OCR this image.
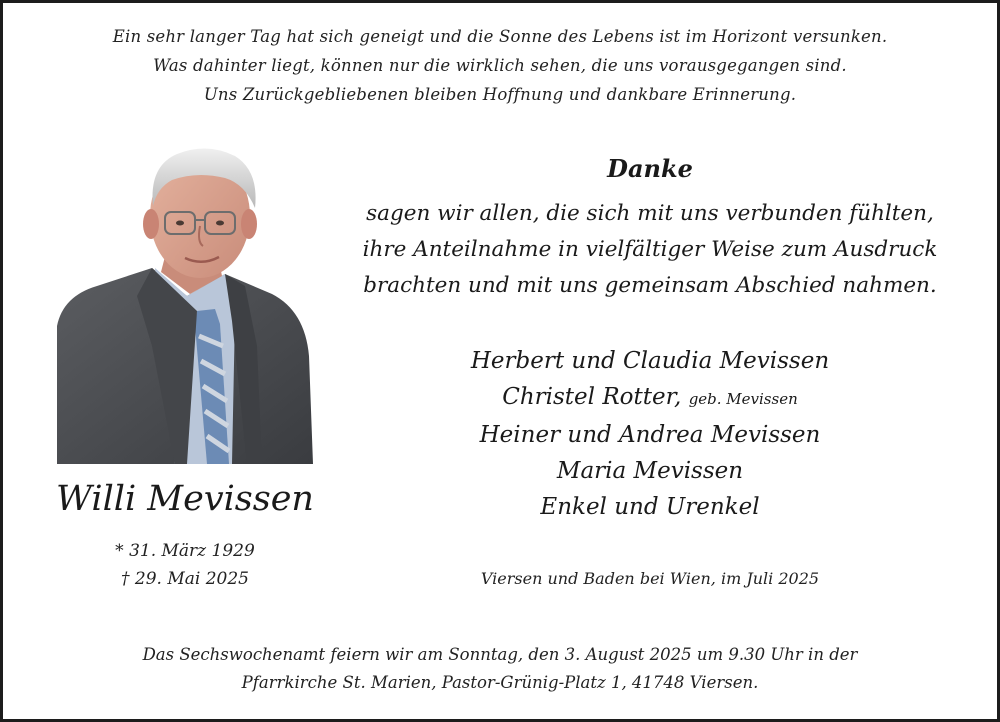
Ein sehr langer Tag hat sich geneigt und die Sonne des Lebens ist im Horizont versunken.
Was dahinter liegt, können nur die wirklich sehen, die uns vorausgegangen sind.
Uns Zurückgebliebenen bleiben Hoffnung und dankbare Erinnerung.
Willi Mevissen
* 31. März 1929
† 29. Mai 2025
Danke
sagen wir allen, die sich mit uns verbunden fühlten,
ihre Anteilnahme in vielfältiger Weise zum Ausdruck
brachten und mit uns gemeinsam Abschied nahmen.
Herbert und Claudia Mevissen
Christel Rotter, geb. Mevissen
Heiner und Andrea Mevissen
Maria Mevissen
Enkel und Urenkel
Viersen und Baden bei Wien, im Juli 2025
Das Sechswochenamt feiern wir am Sonntag, den 3. August 2025 um 9.30 Uhr in der
Pfarrkirche St. Marien, Pastor-Grünig-Platz 1, 41748 Viersen.
